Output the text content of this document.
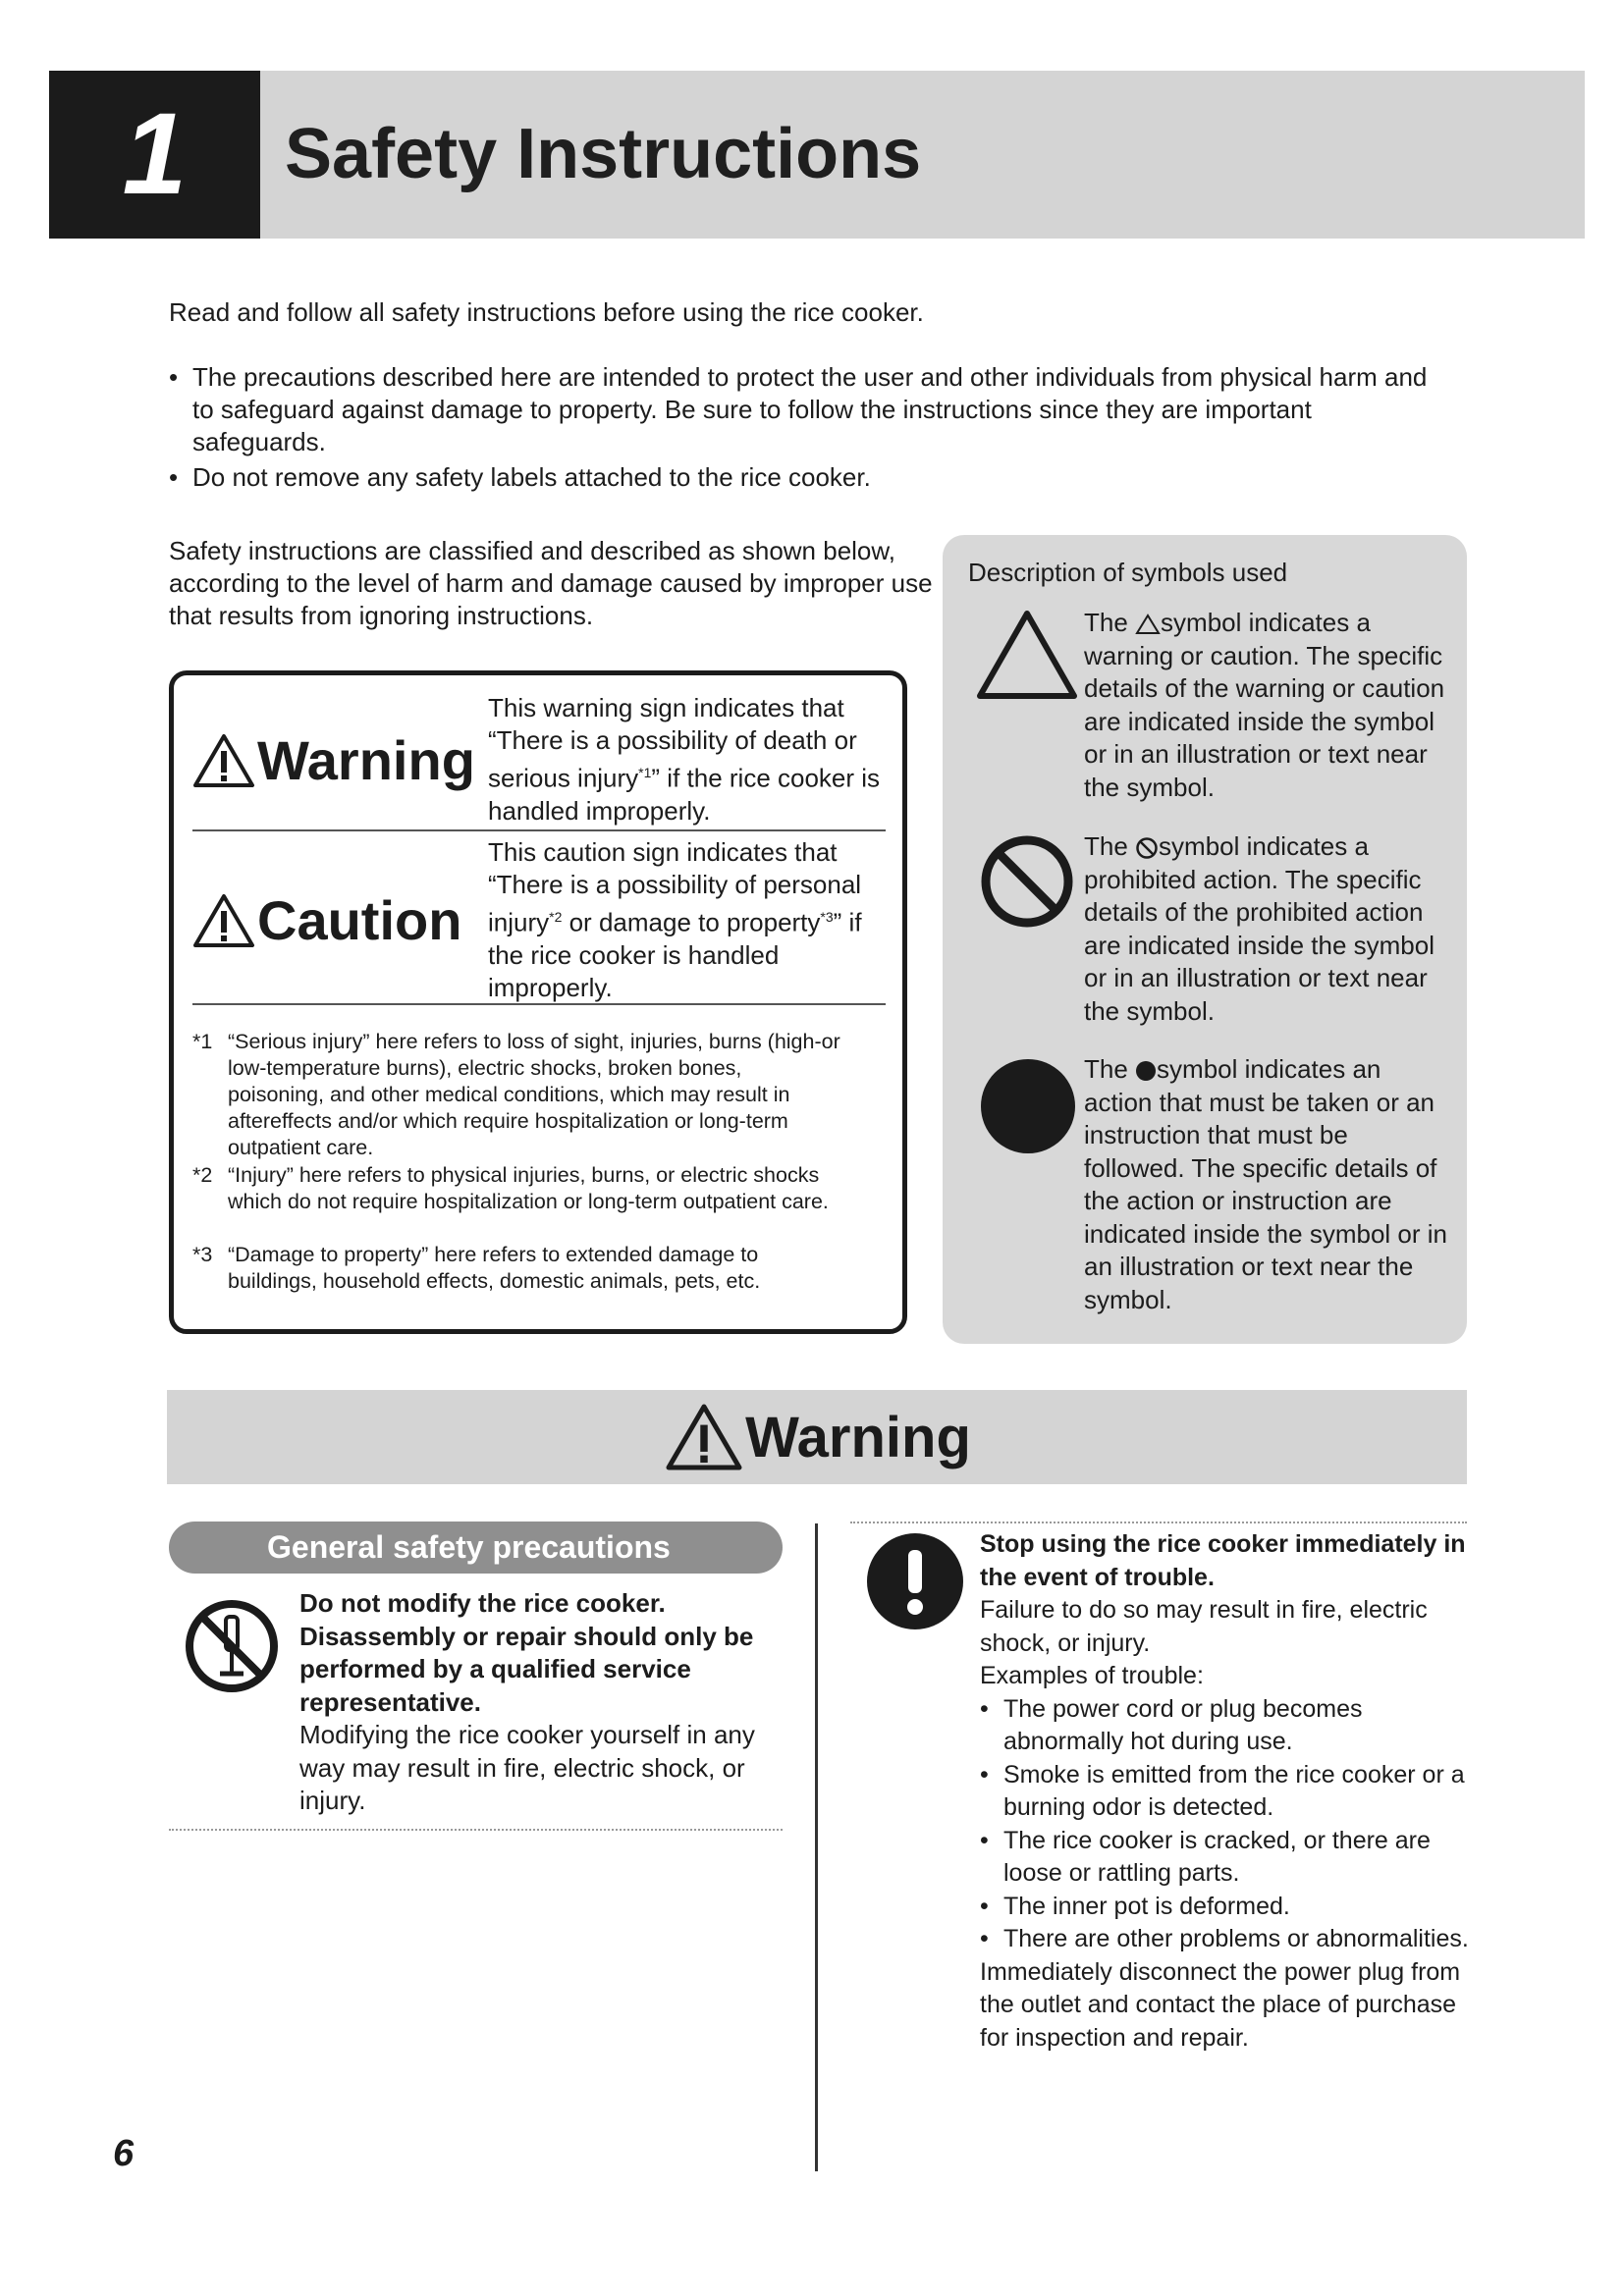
1	Safety Instructions
Read and follow all safety instructions before using the rice cooker.
• The precautions described here are intended to protect the user and other individuals from physical harm and to safeguard against damage to property. Be sure to follow the instructions since they are important safeguards.
• Do not remove any safety labels attached to the rice cooker.
Safety instructions are classified and described as shown below, according to the level of harm and damage caused by improper use that results from ignoring instructions.
Warning
This warning sign indicates that “There is a possibility of death or serious injury$^{*1}$” if the rice cooker is handled improperly.
Caution
This caution sign indicates that “There is a possibility of personal injury$^{*2}$ or damage to property$^{*3}$” if the rice cooker is handled improperly.
*1 “Serious injury” here refers to loss of sight, injuries, burns (high-or low-temperature burns), electric shocks, broken bones, poisoning, and other medical conditions, which may result in aftereffects and/or which require hospitalization or long-term outpatient care.
*2 “Injury” here refers to physical injuries, burns, or electric shocks which do not require hospitalization or long-term outpatient care.
*3 “Damage to property” here refers to extended damage to buildings, household effects, domestic animals, pets, etc.
Description of symbols used
The symbol indicates a warning or caution. The specific details of the warning or caution are indicated inside the symbol or in an illustration or text near the symbol.
The symbol indicates a prohibited action. The specific details of the prohibited action are indicated inside the symbol or in an illustration or text near the symbol.
The symbol indicates an action that must be taken or an instruction that must be followed. The specific details of the action or instruction are indicated inside the symbol or in an illustration or text near the symbol.
Warning
General safety precautions
Do not modify the rice cooker. Disassembly or repair should only be performed by a qualified service representative.
Modifying the rice cooker yourself in any way may result in fire, electric shock, or injury.
Stop using the rice cooker immediately in the event of trouble.
Failure to do so may result in fire, electric shock, or injury.
Examples of trouble:
• The power cord or plug becomes abnormally hot during use.
• Smoke is emitted from the rice cooker or a burning odor is detected.
• The rice cooker is cracked, or there are loose or rattling parts.
• The inner pot is deformed.
• There are other problems or abnormalities.
Immediately disconnect the power plug from the outlet and contact the place of purchase for inspection and repair.
6
